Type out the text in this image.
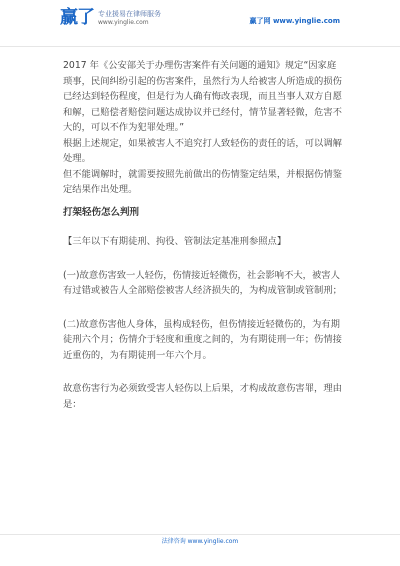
赢了 专业援易在律师服务
www.yinglie.com	赢了网 www.yinglie.com

2017 年《公安部关于办理伤害案件有关问题的通知》规定“因家庭琐事，民间纠纷引起的伤害案件，虽然行为人给被害人所造成的损伤已经达到轻伤程度，但是行为人确有悔改表现，而且当事人双方自愿和解，已赔偿者赔偿问题达成协议并已经付，情节显著轻微，危害不大的，可以不作为犯罪处理。”

根据上述规定，如果被害人不追究打人致轻伤的责任的话，可以调解处理。

但不能调解时，就需要按照先前做出的伤情鉴定结果，并根据伤情鉴定结果作出处理。

打架轻伤怎么判刑

【三年以下有期徒刑、拘役、管制法定基准刑参照点】

(一)故意伤害致一人轻伤，伤情接近轻微伤，社会影响不大，被害人有过错或被告人全部赔偿被害人经济损失的，为构成管制或管制刑；

(二)故意伤害他人身体，虽构成轻伤，但伤情接近轻微伤的，为有期徒刑六个月；伤情介于轻度和重度之间的，为有期徒刑一年；伤情接近重伤的，为有期徒刑一年六个月。

故意伤害行为必须致受害人轻伤以上后果，才构成故意伤害罪，理由是：

法律咨询 www.yinglie.com
